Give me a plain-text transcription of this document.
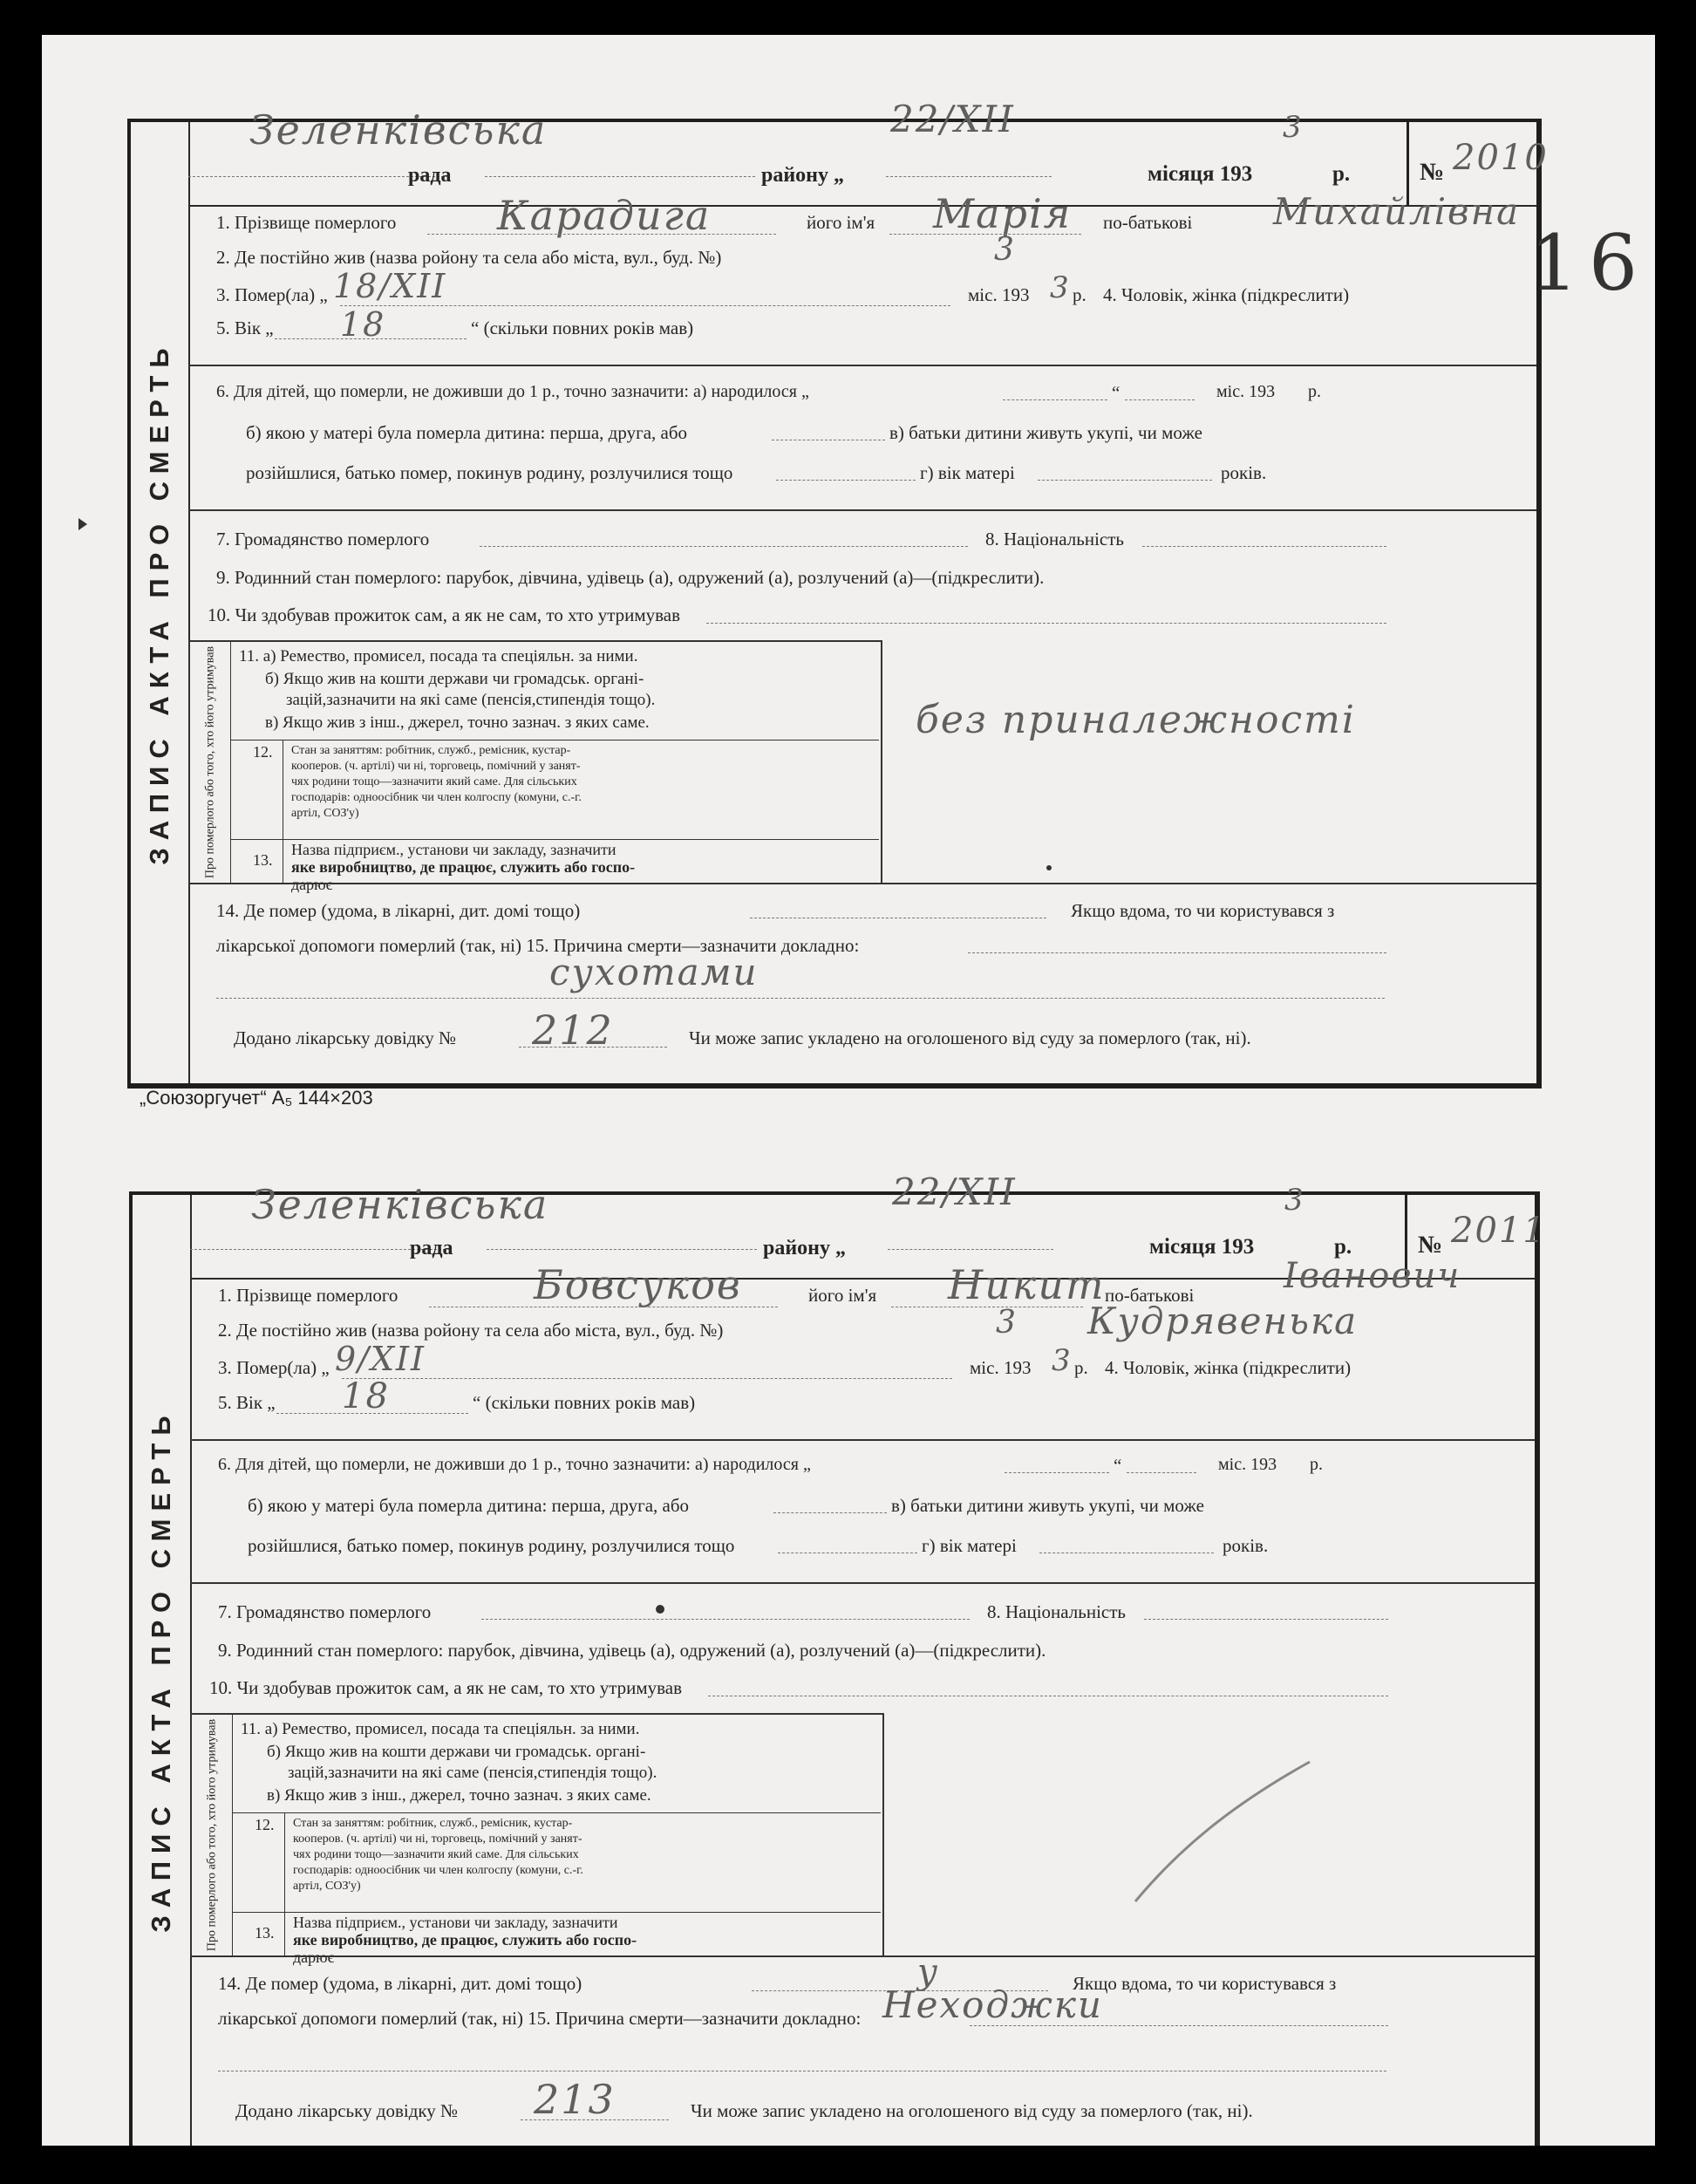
ЗАПИС АКТА ПРО СМЕРТЬ
Зеленківська
рада	району „
22/XII
місяця 193
3
р.	№ 2010
1. Прізвище померлого	Карадига	його ім'я Марія по-батькові Михайлівна
2. Де постійно жив (назва ройону та села або міста, вул., буд. №)	3
3. Помер(ла) „ 18/XII	міс. 193 3 р. 4. Чоловік, жінка (підкреслити)
5. Вік „ 18	“ (скільки повних років мав)
6. Для дітей, що померли, не доживши до 1 р., точно зазначити: а) народилося „	“	міс. 193 р.
б) якою у матері була померла дитина: перша, друга, або	в) батьки дитини живуть укупі, чи може
розійшлися, батько помер, покинув родину, розлучилися тощо	г) вік матері	років.
7. Громадянство померлого	8. Національність
9. Родинний стан померлого: парубок, дівчина, удівець (а), одружений (а), розлучений (а)—(підкреслити).
10. Чи здобував прожиток сам, а як не сам, то хто утримував
Про померлого або того, хто його утримував 11. а) Ремество, промисел, посада та спеціяльн. за ними.
б) Якщо жив на кошти держави чи громадськ. органі-
зацій,зазначити на які саме (пенсія,стипендія тощо).
в) Якщо жив з інш., джерел, точно зазнач. з яких саме.
12. Стан за заняттям: робітник, служб., ремісник, кустар-
кооперов. (ч. артілі) чи ні, торговець, помічний у занят-
чях родини тощо—зазначити який саме. Для сільських
господарів: одноосібник чи член колгоспу (комуни, с.-г.
артіл, СОЗ'у)
13.
Назва підприєм., установи чи закладу, зазначити
яке виробництво, де працює, служить або госпо-
дарює
без приналежності
14. Де помер (удома, в лікарні, дит. домі тощо)	Якщо вдома, то чи користувався з
лікарської допомоги померлий (так, ні) 15. Причина смерти—зазначити докладно:
сухотами
Додано лікарську довідку № 212	Чи може запис укладено на оголошеного від суду за померлого (так, ні).
„Союзоргучет“ А₅ 144×203
16
ЗАПИС АКТА ПРО СМЕРТЬ
Зеленківська
рада	району „
22/XII
місяця 193
3
р.	№ 2011
1. Прізвище померлого	Бовсуков	його ім'я Никит по-батькові	Іванович
2. Де постійно жив (назва ройону та села або міста, вул., буд. №)	Кудрявенька
3
3. Помер(ла) „ 9/XII	міс. 193 3 р. 4. Чоловік, жінка (підкреслити)
5. Вік „ 18	“ (скільки повних років мав)
6. Для дітей, що померли, не доживши до 1 р., точно зазначити: а) народилося „	“	міс. 193 р.
б) якою у матері була померла дитина: перша, друга, або	в) батьки дитини живуть укупі, чи може
розійшлися, батько помер, покинув родину, розлучилися тощо	г) вік матері	років.
7. Громадянство померлого	8. Національність
9. Родинний стан померлого: парубок, дівчина, удівець (а), одружений (а), розлучений (а)—(підкреслити).
10. Чи здобував прожиток сам, а як не сам, то хто утримував
Про померлого або того, хто його утримував 11. а) Ремество, промисел, посада та спеціяльн. за ними.
б) Якщо жив на кошти держави чи громадськ. органі-
зацій,зазначити на які саме (пенсія,стипендія тощо).
в) Якщо жив з інш., джерел, точно зазнач. з яких саме.
12. Стан за заняттям: робітник, служб., ремісник, кустар-
кооперов. (ч. артілі) чи ні, торговець, помічний у занят-
чях родини тощо—зазначити який саме. Для сільських
господарів: одноосібник чи член колгоспу (комуни, с.-г.
артіл, СОЗ'у)
13.
Назва підприєм., установи чи закладу, зазначити
яке виробництво, де працює, служить або госпо-
дарює
14. Де помер (удома, в лікарні, дит. домі тощо)	у	Якщо вдома, то чи користувався з
лікарської допомоги померлий (так, ні) 15. Причина смерти—зазначити докладно: Неходжки
Додано лікарську довідку № 213	Чи може запис укладено на оголошеного від суду за померлого (так, ні).
